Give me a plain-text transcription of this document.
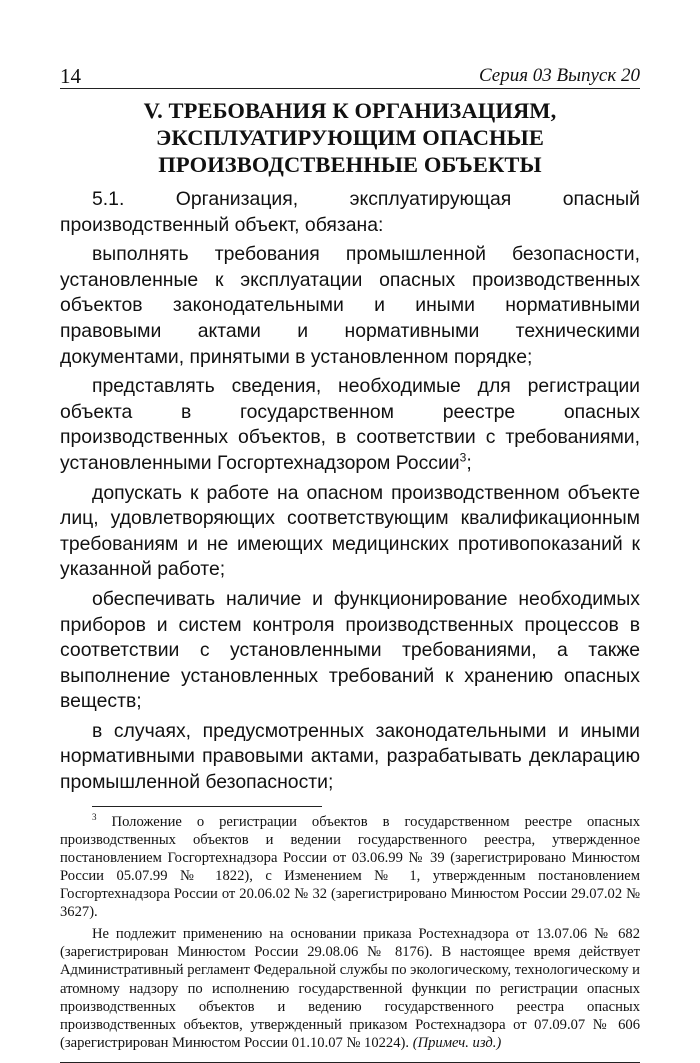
14	Серия 03 Выпуск 20
V. ТРЕБОВАНИЯ К ОРГАНИЗАЦИЯМ, ЭКСПЛУАТИРУЮЩИМ ОПАСНЫЕ ПРОИЗВОДСТВЕННЫЕ ОБЪЕКТЫ

5.1. Организация, эксплуатирующая опасный производственный объект, обязана:

выполнять требования промышленной безопасности, установленные к эксплуатации опасных производственных объектов законодательными и иными нормативными правовыми актами и нормативными техническими документами, принятыми в установленном порядке;

представлять сведения, необходимые для регистрации объекта в государственном реестре опасных производственных объектов, в соответствии с требованиями, установленными Госгортехнадзором России$^3$;

допускать к работе на опасном производственном объекте лиц, удовлетворяющих соответствующим квалификационным требованиям и не имеющих медицинских противопоказаний к указанной работе;

обеспечивать наличие и функционирование необходимых приборов и систем контроля производственных процессов в соответствии с установленными требованиями, а также выполнение установленных требований к хранению опасных веществ;

в случаях, предусмотренных законодательными и иными нормативными правовыми актами, разрабатывать декларацию промышленной безопасности;

$^3$ Положение о регистрации объектов в государственном реестре опасных производственных объектов и ведении государственного реестра, утвержденное постановлением Госгортехнадзора России от 03.06.99 № 39 (зарегистрировано Минюстом России 05.07.99 № 1822), с Изменением № 1, утвержденным постановлением Госгортехнадзора России от 20.06.02 № 32 (зарегистрировано Минюстом России 29.07.02 № 3627).

Не подлежит применению на основании приказа Ростехнадзора от 13.07.06 № 682 (зарегистрирован Минюстом России 29.08.06 № 8176). В настоящее время действует Административный регламент Федеральной службы по экологическому, технологическому и атомному надзору по исполнению государственной функции по регистрации опасных производственных объектов и ведению государственного реестра опасных производственных объектов, утвержденный приказом Ростехнадзора от 07.09.07 № 606 (зарегистрирован Минюстом России 01.10.07 № 10224). (Примеч. изд.)
